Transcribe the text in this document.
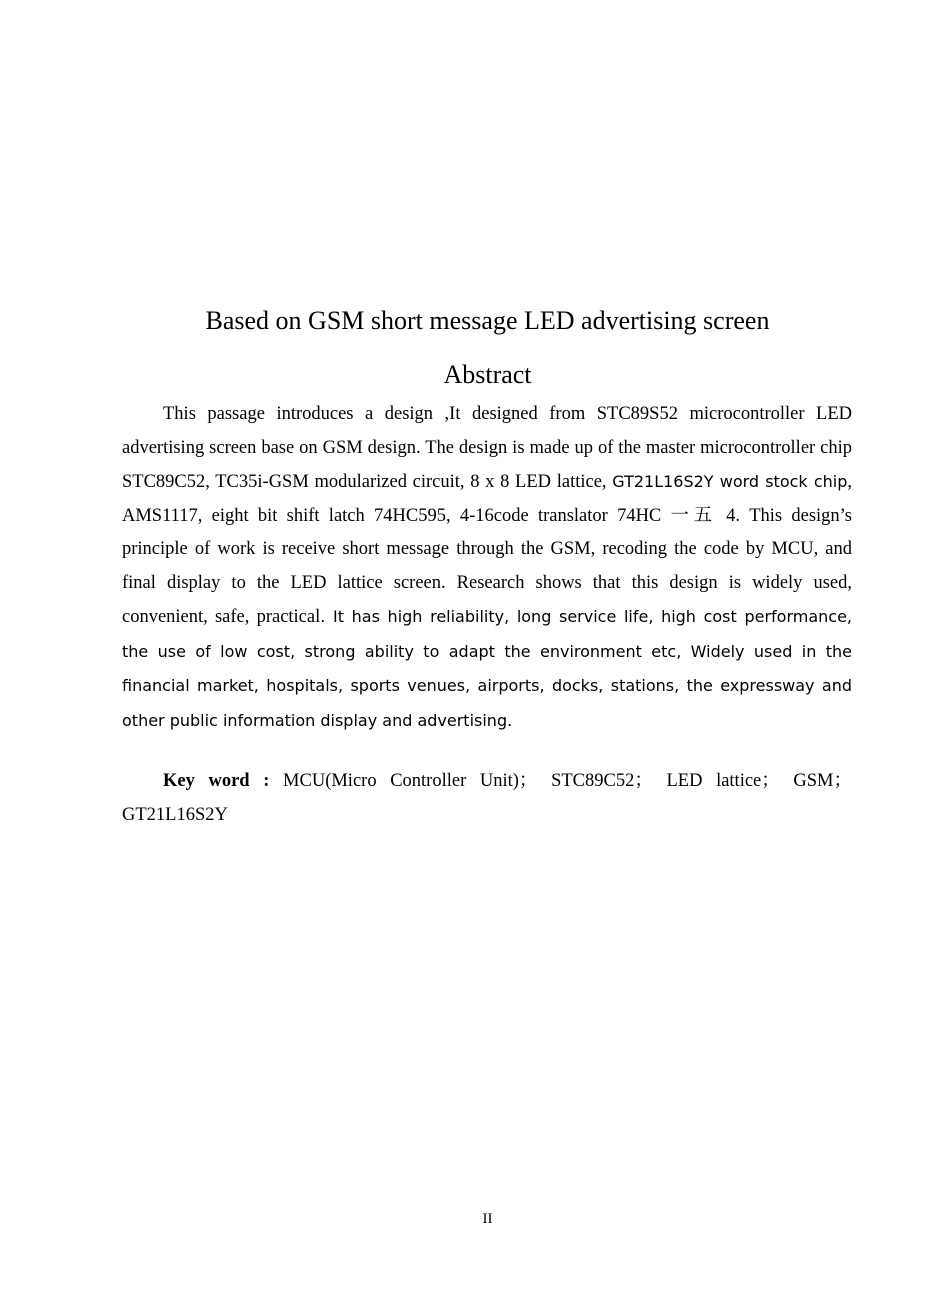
Based on GSM short message LED advertising screen
Abstract

This passage introduces a design ,It designed from STC89S52 microcontroller LED advertising screen base on GSM design. The design is made up of the master microcontroller chip STC89C52, TC35i-GSM modularized circuit, 8 x 8 LED lattice, GT21L16S2Y word stock chip, AMS1117, eight bit shift latch 74HC595, 4-16code translator 74HC 一五 4. This design’s principle of work is receive short message through the GSM, recoding the code by MCU, and final display to the LED lattice screen. Research shows that this design is widely used, convenient, safe, practical. It has high reliability, long service life, high cost performance, the use of low cost, strong ability to adapt the environment etc, Widely used in the financial market, hospitals, sports venues, airports, docks, stations, the expressway and other public information display and advertising.

Key word : MCU(Micro Controller Unit)； STC89C52； LED lattice； GSM； GT21L16S2Y

II
